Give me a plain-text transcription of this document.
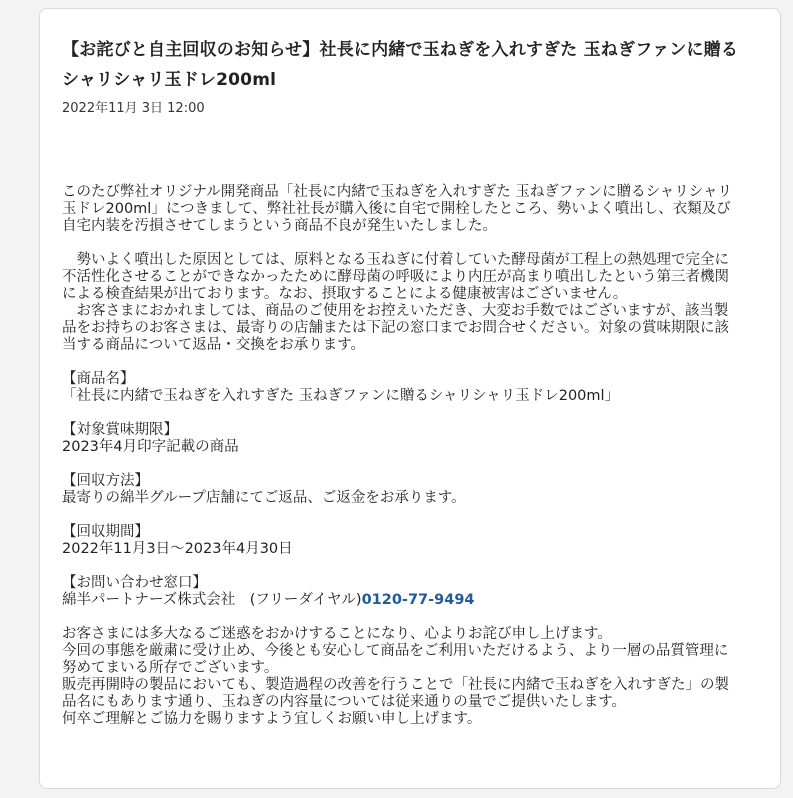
【お詫びと自主回収のお知らせ】社長に内緒で玉ねぎを入れすぎた 玉ねぎファンに贈るシャリシャリ玉ドレ200ml
2022年11月 3日 12:00

このたび弊社オリジナル開発商品「社長に内緒で玉ねぎを入れすぎた 玉ねぎファンに贈るシャリシャリ玉ドレ200ml」につきまして、弊社社長が購入後に自宅で開栓したところ、勢いよく噴出し、衣類及び自宅内装を汚損させてしまうという商品不良が発生いたしました。

勢いよく噴出した原因としては、原料となる玉ねぎに付着していた酵母菌が工程上の熱処理で完全に不活性化させることができなかったために酵母菌の呼吸により内圧が高まり噴出したという第三者機関による検査結果が出ております。なお、摂取することによる健康被害はございません。

お客さまにおかれましては、商品のご使用をお控えいただき、大変お手数ではございますが、該当製品をお持ちのお客さまは、最寄りの店舗または下記の窓口までお問合せください。対象の賞味期限に該当する商品について返品・交換をお承ります。

【商品名】

「社長に内緒で玉ねぎを入れすぎた 玉ねぎファンに贈るシャリシャリ玉ドレ200ml」

【対象賞味期限】

2023年4月印字記載の商品

【回収方法】

最寄りの綿半グループ店舗にてご返品、ご返金をお承ります。

【回収期間】

2022年11月3日～2023年4月30日

【お問い合わせ窓口】

綿半パートナーズ株式会社　(フリーダイヤル)0120-77-9494

お客さまには多大なるご迷惑をおかけすることになり、心よりお詫び申し上げます。

今回の事態を厳粛に受け止め、今後とも安心して商品をご利用いただけるよう、より一層の品質管理に努めてまいる所存でございます。

販売再開時の製品においても、製造過程の改善を行うことで「社長に内緒で玉ねぎを入れすぎた」の製品名にもあります通り、玉ねぎの内容量については従来通りの量でご提供いたします。

何卒ご理解とご協力を賜りますよう宜しくお願い申し上げます。
